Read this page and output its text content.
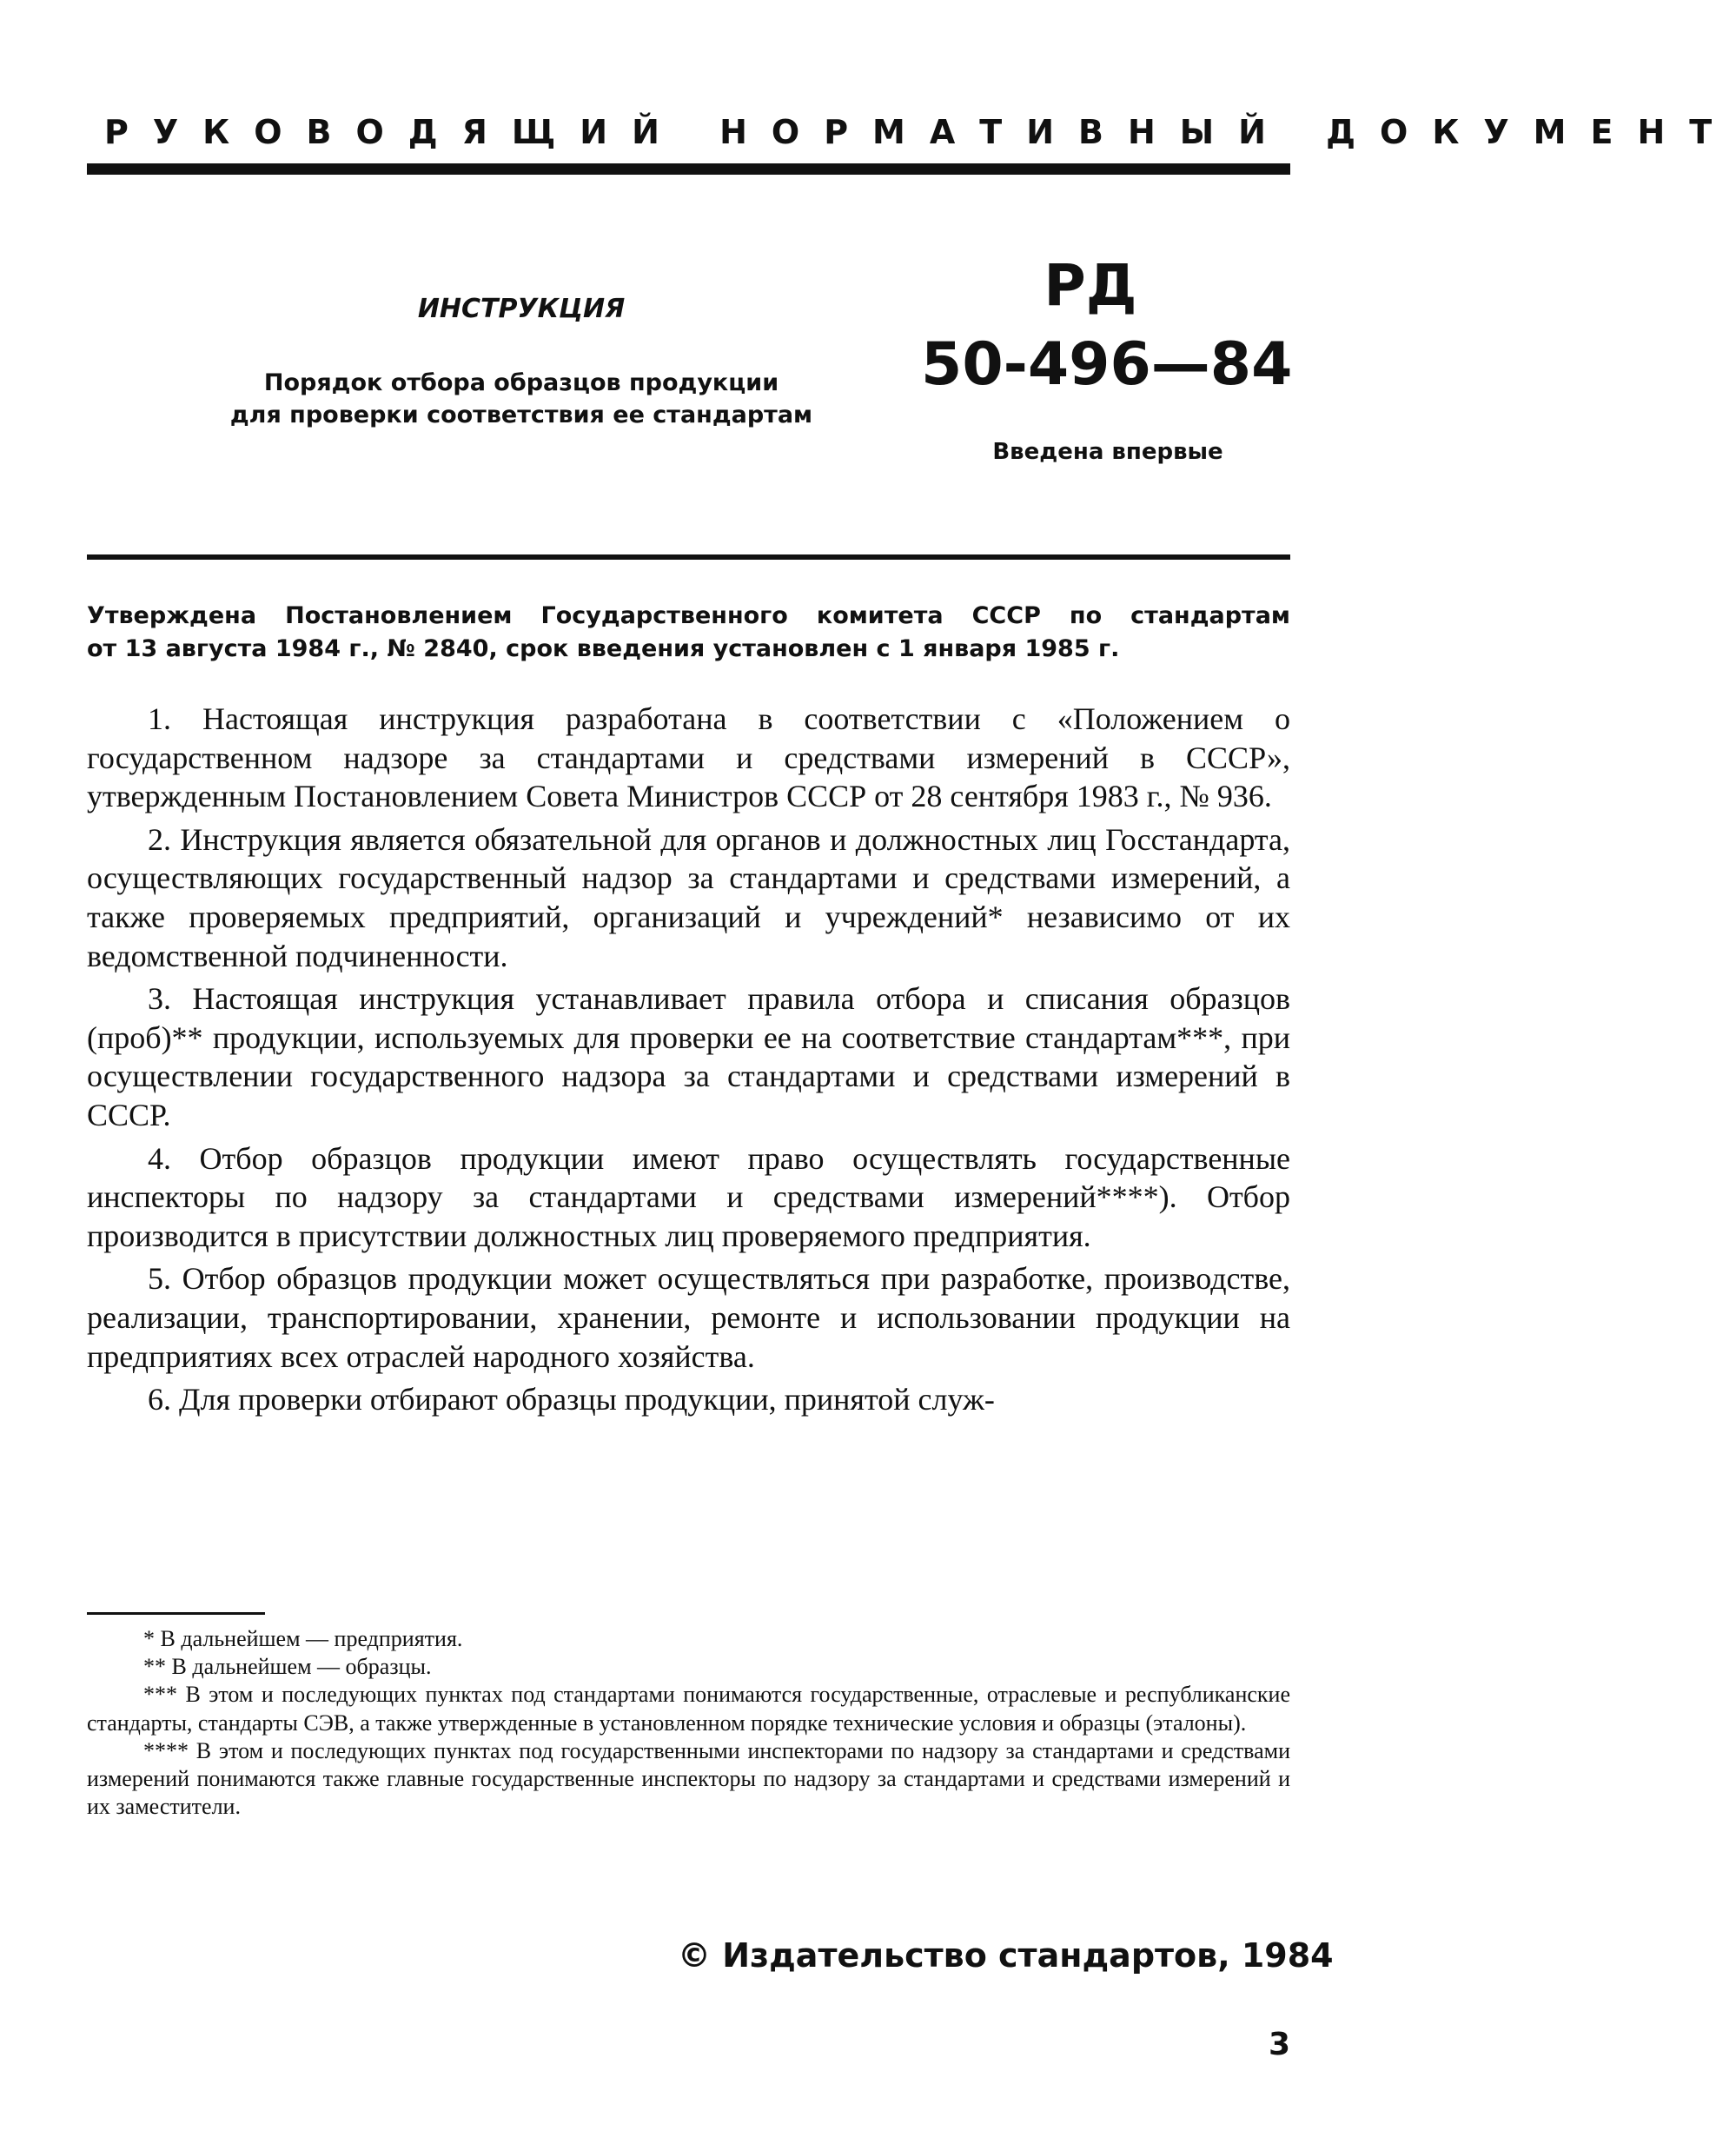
РУКОВОДЯЩИЙ НОРМАТИВНЫЙ ДОКУМЕНТ
ИНСТРУКЦИЯ
Порядок отбора образцов продукции
для проверки соответствия ее стандартам
РД
50-496—84
Введена впервые
Утверждена Постановлением Государственного комитета СССР по стандартам
от 13 августа 1984 г., № 2840, срок введения установлен с 1 января 1985 г.

1. Настоящая инструкция разработана в соответствии с «Положением о государственном надзоре за стандартами и средствами измерений в СССР», утвержденным Постановлением Совета Министров СССР от 28 сентября 1983 г., № 936.

2. Инструкция является обязательной для органов и должностных лиц Госстандарта, осуществляющих государственный надзор за стандартами и средствами измерений, а также проверяемых предприятий, организаций и учреждений* независимо от их ведомственной подчиненности.

3. Настоящая инструкция устанавливает правила отбора и списания образцов (проб)** продукции, используемых для проверки ее на соответствие стандартам***, при осуществлении государственного надзора за стандартами и средствами измерений в СССР.

4. Отбор образцов продукции имеют право осуществлять государственные инспекторы по надзору за стандартами и средствами измерений****). Отбор производится в присутствии должностных лиц проверяемого предприятия.

5. Отбор образцов продукции может осуществляться при разработке, производстве, реализации, транспортировании, хранении, ремонте и использовании продукции на предприятиях всех отраслей народного хозяйства.

6. Для проверки отбирают образцы продукции, принятой служ-

* В дальнейшем — предприятия.

** В дальнейшем — образцы.

*** В этом и последующих пунктах под стандартами понимаются государственные, отраслевые и республиканские стандарты, стандарты СЭВ, а также утвержденные в установленном порядке технические условия и образцы (эталоны).

**** В этом и последующих пунктах под государственными инспекторами по надзору за стандартами и средствами измерений понимаются также главные государственные инспекторы по надзору за стандартами и средствами измерений и их заместители.

© Издательство стандартов, 1984
3
